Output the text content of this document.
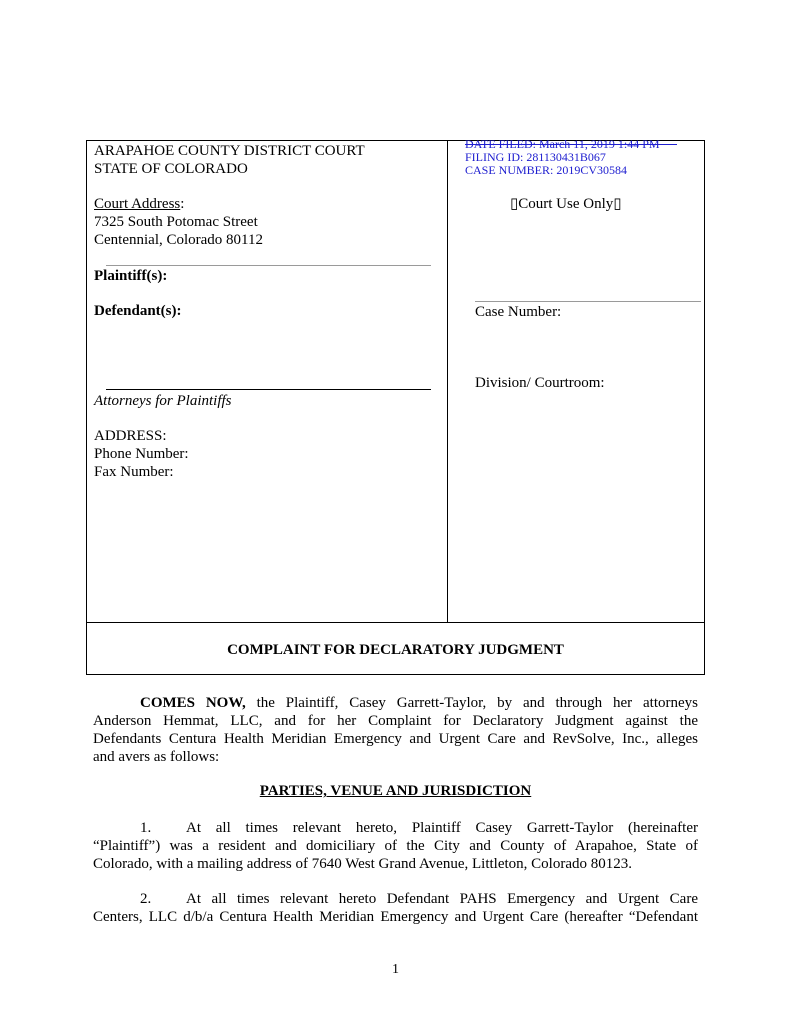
ARAPAHOE COUNTY DISTRICT COURT
STATE OF COLORADO
Court Address:
7325 South Potomac Street
Centennial, Colorado 80112
Plaintiff(s):
Defendant(s):
Attorneys for Plaintiffs
ADDRESS:
Phone Number:
Fax Number:
DATE FILED: March 11, 2019 1:44 PM
FILING ID: 281130431B067
CASE NUMBER: 2019CV30584
▯Court Use Only▯
Case Number:
Division/ Courtroom:
COMPLAINT FOR DECLARATORY JUDGMENT
COMES NOW, the Plaintiff, Casey Garrett-Taylor, by and through her attorneys
Anderson Hemmat, LLC, and for her Complaint for Declaratory Judgment against the
Defendants Centura Health Meridian Emergency and Urgent Care and RevSolve, Inc., alleges
and avers as follows:
PARTIES, VENUE AND JURISDICTION
1. At all times relevant hereto, Plaintiff Casey Garrett-Taylor (hereinafter
“Plaintiff”) was a resident and domiciliary of the City and County of Arapahoe, State of
Colorado, with a mailing address of 7640 West Grand Avenue, Littleton, Colorado 80123.
2. At all times relevant hereto Defendant PAHS Emergency and Urgent Care
Centers, LLC d/b/a Centura Health Meridian Emergency and Urgent Care (hereafter “Defendant
1
